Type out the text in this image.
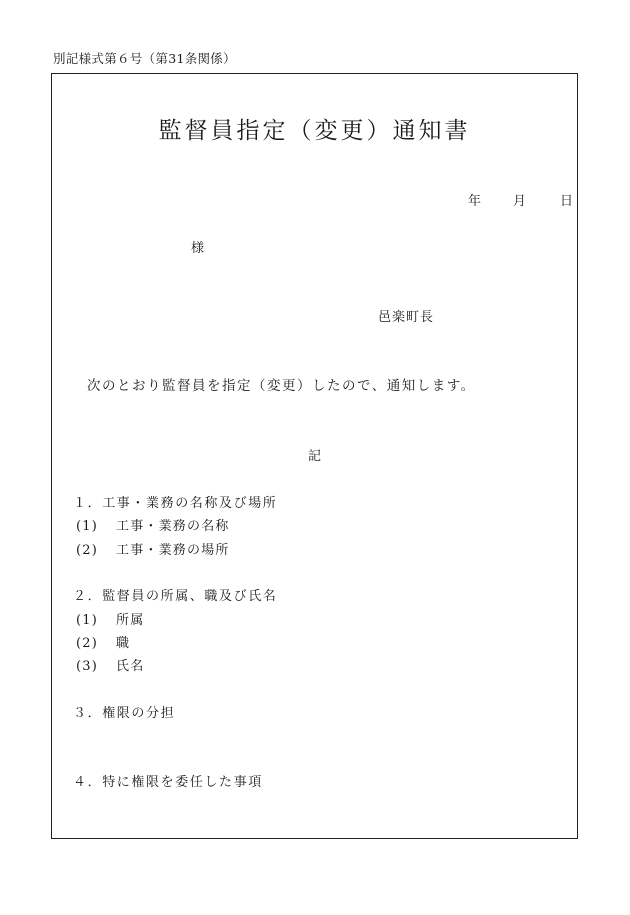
別記様式第６号（第31条関係）
監督員指定（変更）通知書
年 月	日
様
邑楽町長
次のとおり監督員を指定（変更）したので、通知します。
記
１．工事・業務の名称及び場所
(1) 工事・業務の名称
(2) 工事・業務の場所
２．監督員の所属、職及び氏名
(1) 所属
(2) 職
(3) 氏名
３．権限の分担
４．特に権限を委任した事項
